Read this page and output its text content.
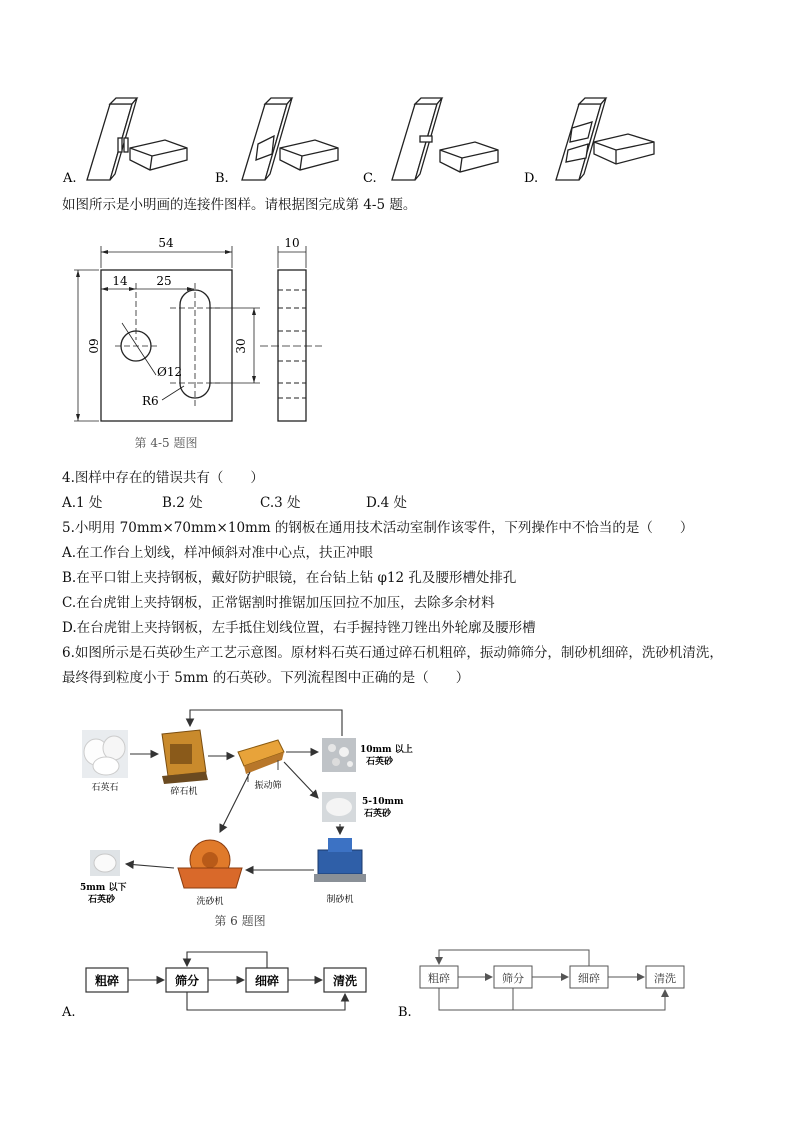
A.	B.	C.	D.
如图所示是小明画的连接件图样。请根据图完成第 4-5 题。
54	10
14 25
60
Ø12
30
R6
第 4-5 题图
4.图样中存在的错误共有（　　）
A.1 处	B.2 处	C.3 处	D.4 处
5.小明用 70mm×70mm×10mm 的钢板在通用技术活动室制作该零件，下列操作中不恰当的是（　　）
A.在工作台上划线，样冲倾斜对准中心点，扶正冲眼
B.在平口钳上夹持钢板，戴好防护眼镜，在台钻上钻 φ12 孔及腰形槽处排孔
C.在台虎钳上夹持钢板，正常锯割时推锯加压回拉不加压，去除多余材料
D.在台虎钳上夹持钢板，左手抵住划线位置，右手握持锉刀锉出外轮廓及腰形槽
6.如图所示是石英砂生产工艺示意图。原材料石英石通过碎石机粗碎，振动筛筛分，制砂机细碎，洗砂机清洗，
最终得到粒度小于 5mm 的石英砂。下列流程图中正确的是（　　）
石英石	碎石机
振动筛
10mm 以上
石英砂
5-10mm
石英砂
制砂机
洗砂机
5mm 以下
石英砂
第 6 题图
粗碎	筛分	细碎	清洗
A.
粗碎	筛分	细碎	清洗
B.
